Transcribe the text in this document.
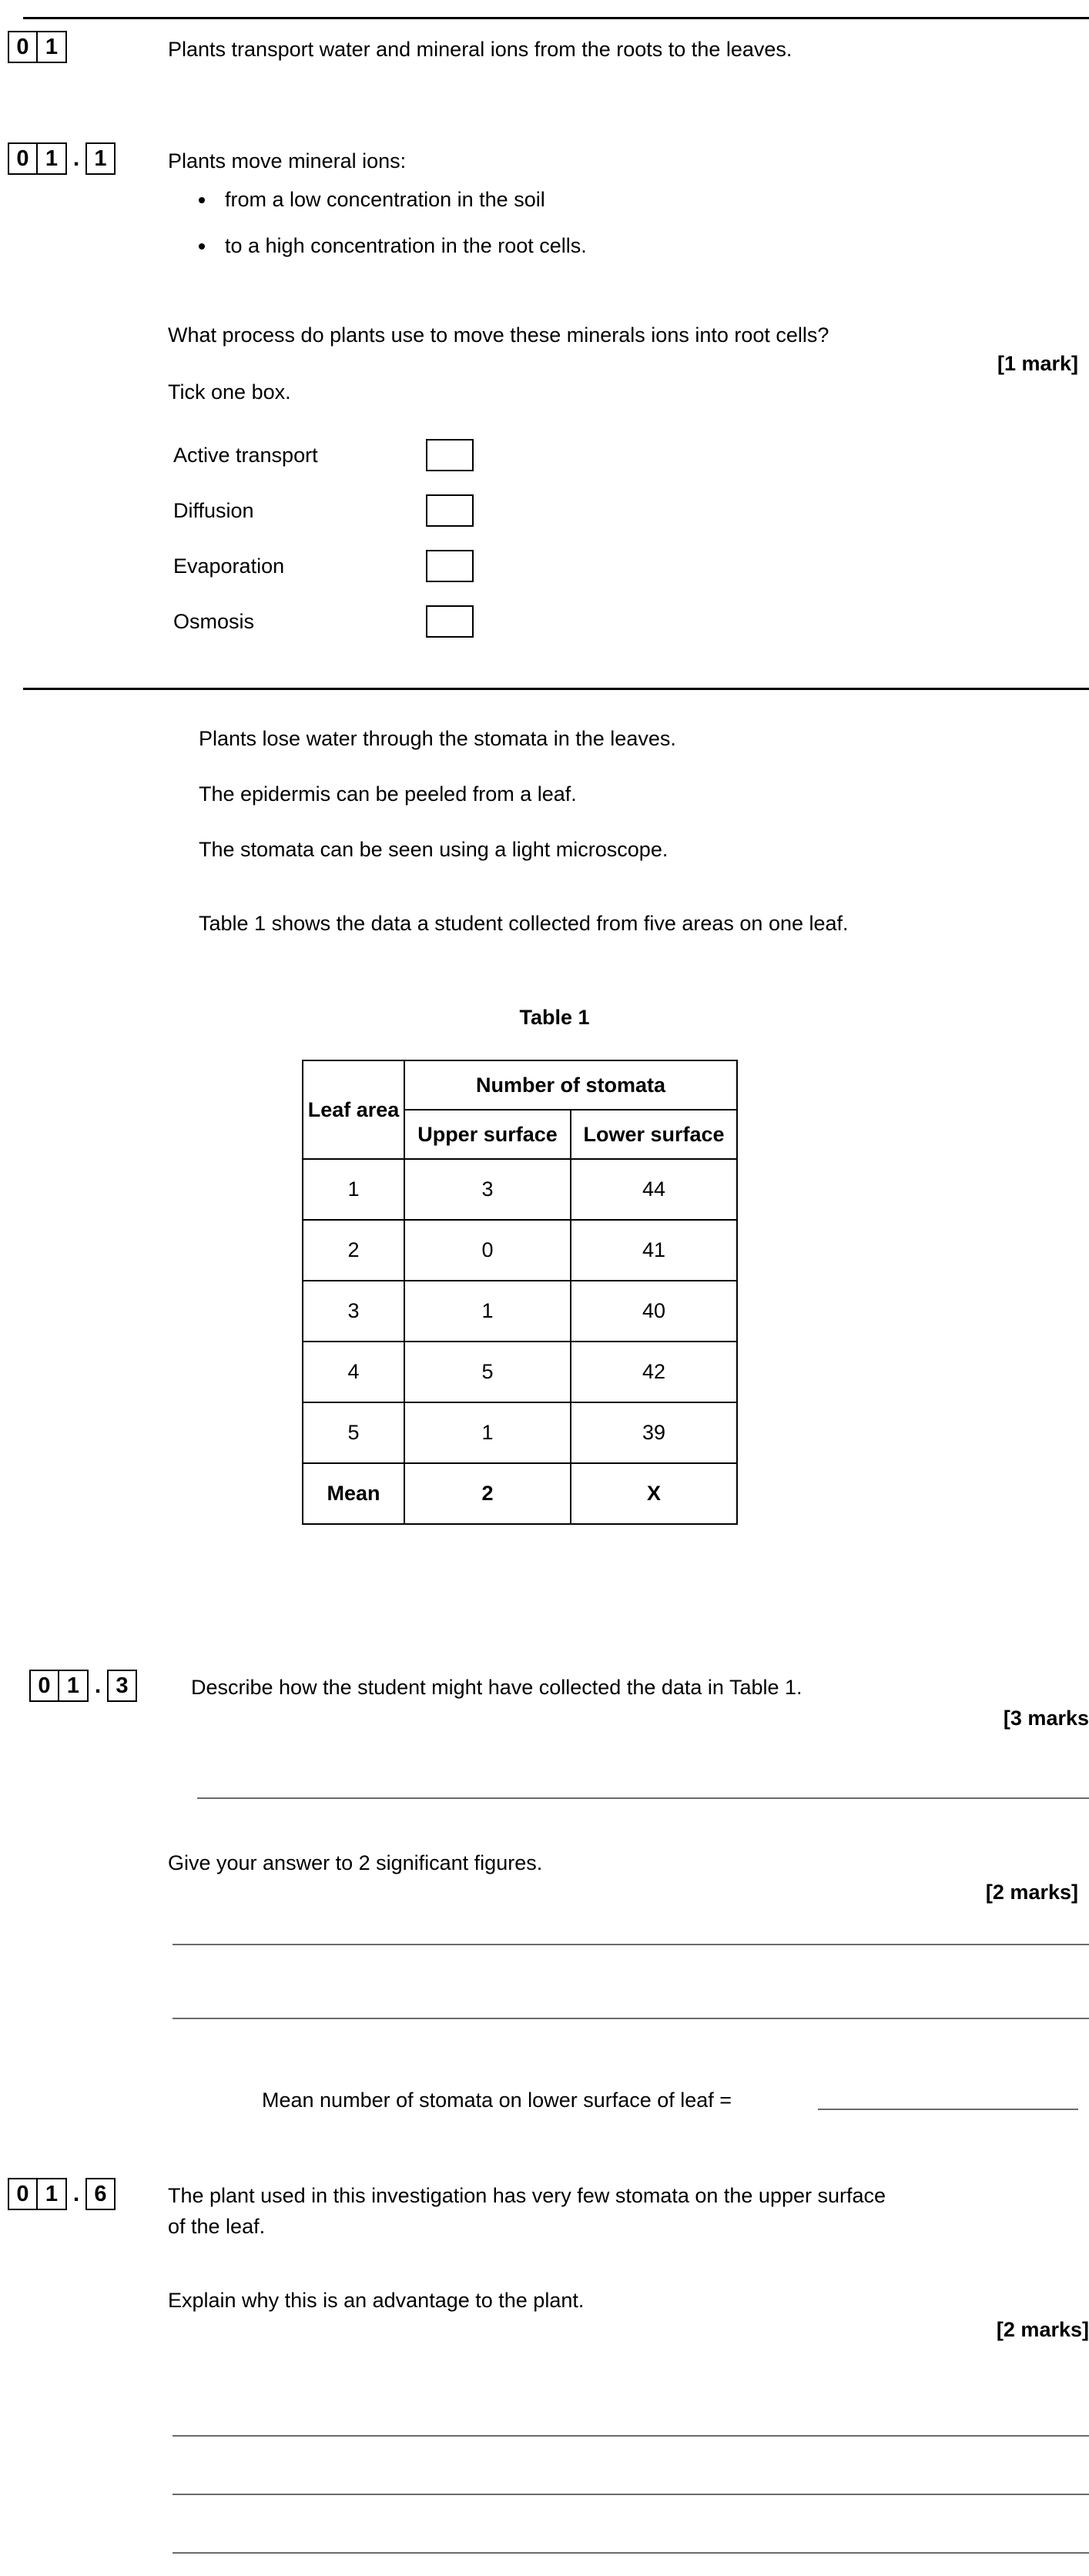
0 1	Plants transport water and mineral ions from the roots to the leaves.
0 1 . 1	Plants move mineral ions:
from a low concentration in the soil
to a high concentration in the root cells.
What process do plants use to move these minerals ions into root cells?
[1 mark]
Tick one box.
Active transport
Diffusion
Evaporation
Osmosis
Plants lose water through the stomata in the leaves.
The epidermis can be peeled from a leaf.
The stomata can be seen using a light microscope.
Table 1 shows the data a student collected from five areas on one leaf.
Table 1
Leaf area	Number of stomata	
	Upper surface	Lower surface
1	3	44
2	0	41
3	1	40
4	5	42
5	1	39
Mean	2	X
0 1 . 3	Describe how the student might have collected the data in Table 1.
[3 marks
Give your answer to 2 significant figures.
[2 marks]
Mean number of stomata on lower surface of leaf =
0 1 . 6	The plant used in this investigation has very few stomata on the upper surface
of the leaf.
Explain why this is an advantage to the plant.
[2 marks]
